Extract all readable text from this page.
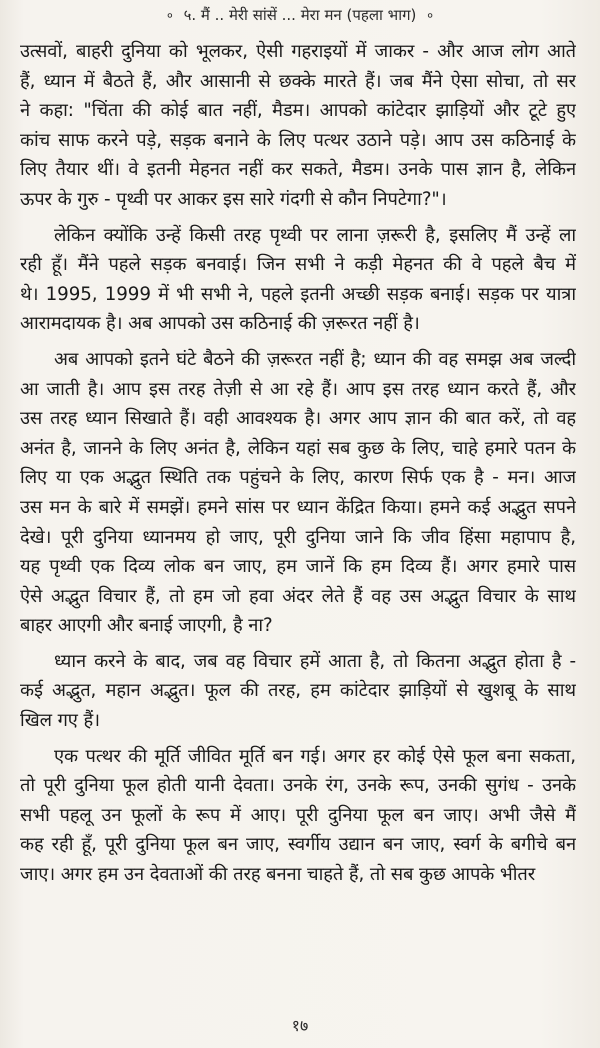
० ५. मैं .. मेरी सांसें ... मेरा मन (पहला भाग) ०
उत्सवों, बाहरी दुनिया को भूलकर, ऐसी गहराइयों में जाकर - और आज लोग आते
हैं, ध्यान में बैठते हैं, और आसानी से छक्के मारते हैं। जब मैंने ऐसा सोचा, तो सर
ने कहा: "चिंता की कोई बात नहीं, मैडम। आपको कांटेदार झाड़ियों और टूटे हुए
कांच साफ करने पड़े, सड़क बनाने के लिए पत्थर उठाने पड़े। आप उस कठिनाई के
लिए तैयार थीं। वे इतनी मेहनत नहीं कर सकते, मैडम। उनके पास ज्ञान है, लेकिन
ऊपर के गुरु - पृथ्वी पर आकर इस सारे गंदगी से कौन निपटेगा?"।
लेकिन क्योंकि उन्हें किसी तरह पृथ्वी पर लाना ज़रूरी है, इसलिए मैं उन्हें ला
रही हूँ। मैंने पहले सड़क बनवाई। जिन सभी ने कड़ी मेहनत की वे पहले बैच में
थे। 1995, 1999 में भी सभी ने, पहले इतनी अच्छी सड़क बनाई। सड़क पर यात्रा
आरामदायक है। अब आपको उस कठिनाई की ज़रूरत नहीं है।
अब आपको इतने घंटे बैठने की ज़रूरत नहीं है; ध्यान की वह समझ अब जल्दी
आ जाती है। आप इस तरह तेज़ी से आ रहे हैं। आप इस तरह ध्यान करते हैं, और
उस तरह ध्यान सिखाते हैं। वही आवश्यक है। अगर आप ज्ञान की बात करें, तो वह
अनंत है, जानने के लिए अनंत है, लेकिन यहां सब कुछ के लिए, चाहे हमारे पतन के
लिए या एक अद्भुत स्थिति तक पहुंचने के लिए, कारण सिर्फ एक है - मन। आज
उस मन के बारे में समझें। हमने सांस पर ध्यान केंद्रित किया। हमने कई अद्भुत सपने
देखे। पूरी दुनिया ध्यानमय हो जाए, पूरी दुनिया जाने कि जीव हिंसा महापाप है,
यह पृथ्वी एक दिव्य लोक बन जाए, हम जानें कि हम दिव्य हैं। अगर हमारे पास
ऐसे अद्भुत विचार हैं, तो हम जो हवा अंदर लेते हैं वह उस अद्भुत विचार के साथ
बाहर आएगी और बनाई जाएगी, है ना?
ध्यान करने के बाद, जब वह विचार हमें आता है, तो कितना अद्भुत होता है -
कई अद्भुत, महान अद्भुत। फूल की तरह, हम कांटेदार झाड़ियों से खुशबू के साथ
खिल गए हैं।
एक पत्थर की मूर्ति जीवित मूर्ति बन गई। अगर हर कोई ऐसे फूल बना सकता,
तो पूरी दुनिया फूल होती यानी देवता। उनके रंग, उनके रूप, उनकी सुगंध - उनके
सभी पहलू उन फूलों के रूप में आए। पूरी दुनिया फूल बन जाए। अभी जैसे मैं
कह रही हूँ, पूरी दुनिया फूल बन जाए, स्वर्गीय उद्यान बन जाए, स्वर्ग के बगीचे बन
जाए। अगर हम उन देवताओं की तरह बनना चाहते हैं, तो सब कुछ आपके भीतर
१७
